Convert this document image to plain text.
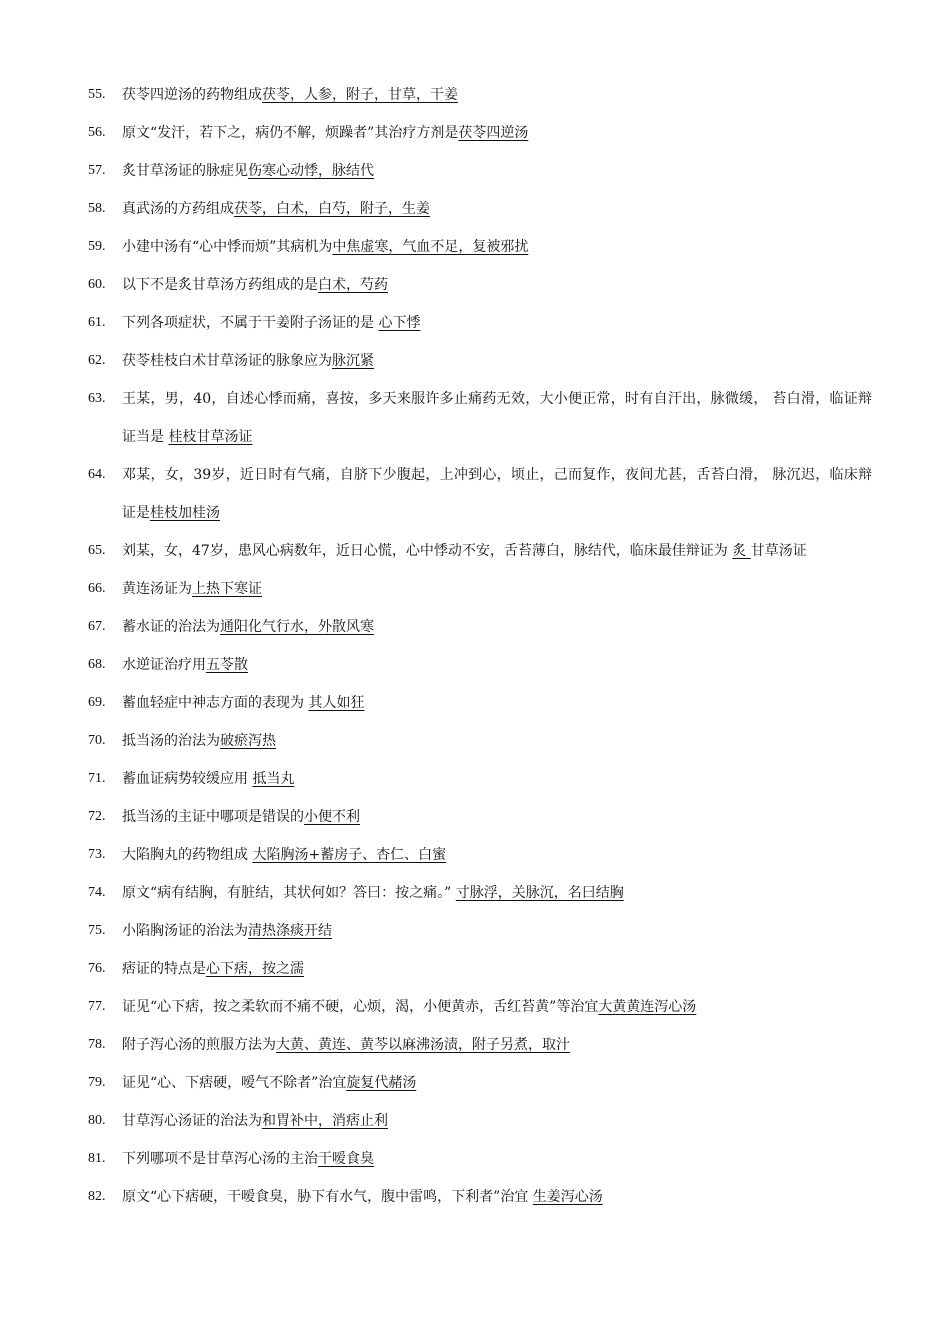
55.	茯苓四逆汤的药物组成茯苓，人参，附子，甘草，干姜
56.	原文“发汗，若下之，病仍不解，烦躁者”其治疗方剂是茯苓四逆汤
57.	炙甘草汤证的脉症见伤寒心动悸，脉结代
58.	真武汤的方药组成茯苓，白术，白芍，附子，生姜
59.	小建中汤有“心中悸而烦”其病机为中焦虚寒，气血不足，复被邪扰
60.	以下不是炙甘草汤方药组成的是白术，芍药
61.	下列各项症状，不属于干姜附子汤证的是 心下悸
62.	茯苓桂枝白术甘草汤证的脉象应为脉沉紧
63.	王某，男，40，自述心悸而痛，喜按，多天来服许多止痛药无效，大小便正常，时有自汗出，脉微缓， 苔白滑，临证辩证当是 桂枝甘草汤证
64.	邓某，女，39岁，近日时有气痛，自脐下少腹起，上冲到心，顷止，己而复作，夜间尤甚，舌苔白滑， 脉沉迟，临床辩证是桂枝加桂汤
65.	刘某，女，47岁，患风心病数年，近日心慌，心中悸动不安，舌苔薄白，脉结代，临床最佳辩证为 炙 甘草汤证
66.	黄连汤证为上热下寒证
67.	蓄水证的治法为通阳化气行水，外散风寒
68.	水逆证治疗用五苓散
69.	蓄血轻症中神志方面的表现为 其人如狂
70.	抵当汤的治法为破瘀泻热
71.	蓄血证病势较缓应用 抵当丸
72.	抵当汤的主证中哪项是错误的小便不利
73.	大陷胸丸的药物组成 大陷胸汤+蓄房子、杏仁、白蜜
74.	原文“病有结胸，有脏结，其状何如？答曰：按之痛。” 寸脉浮，关脉沉，名曰结胸
75.	小陷胸汤证的治法为清热涤痰开结
76.	痞证的特点是心下痞，按之濡
77.	证见“心下痞，按之柔软而不痛不硬，心烦，渴，小便黄赤，舌红苔黄”等治宜大黄黄连泻心汤
78.	附子泻心汤的煎服方法为大黄、黄连、黄芩以麻沸汤渍，附子另煮，取汁
79.	证见“心、下痞硬，嗳气不除者”治宜旋复代赭汤
80.	甘草泻心汤证的治法为和胃补中，消痞止利
81.	下列哪项不是甘草泻心汤的主治干嗳食臭
82.	原文“心下痞硬，干嗳食臭，胁下有水气，腹中雷鸣，下利者”治宜 生姜泻心汤
